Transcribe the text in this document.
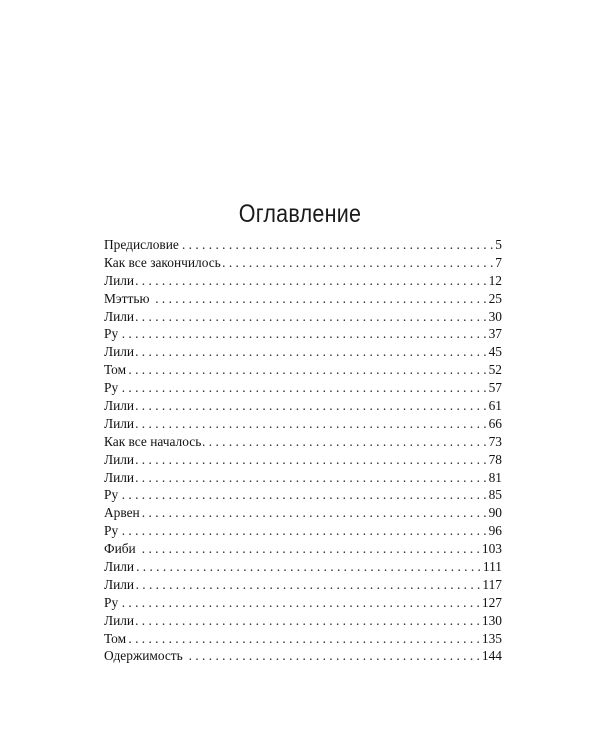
Оглавление
Предисловие . . .	5
Как все закончилось . . .	7
Лили . . .	12
Мэттью . . .	25
Лили . . .	30
Ру . . .	37
Лили . . .	45
Том . . .	52
Ру . . .	57
Лили . . .	61
Лили . . .	66
Как все началось . . .	73
Лили . . .	78
Лили . . .	81
Ру . . .	85
Арвен . . .	90
Ру . . .	96
Фиби . . .	103
Лили . . .	111
Лили . . .	117
Ру . . .	127
Лили . . .	130
Том . . .	135
Одержимость . . .	144
